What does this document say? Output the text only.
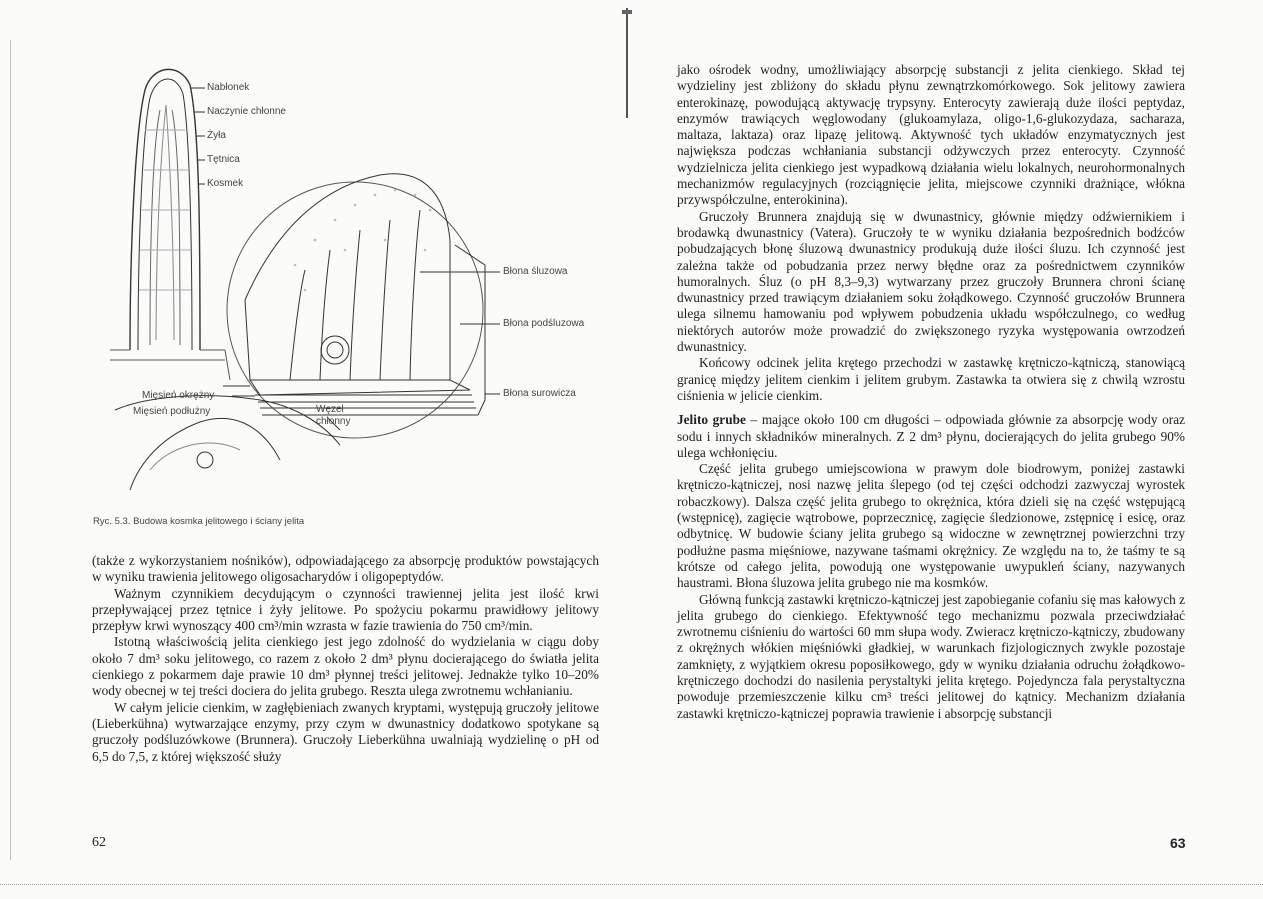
Nabłonek
Naczynie chłonne
Żyła
Tętnica
Kosmek
Błona śluzowa
Błona podśluzowa
Mięsień okrężny
Mięsień podłużny
Błona surowicza
Węzeł
chłonny
Ryc. 5.3. Budowa kosmka jelitowego i ściany jelita

(także z wykorzystaniem nośników), odpowiadającego za absorpcję produktów powstających w wyniku trawienia jelitowego oligosacharydów i oligopeptydów.

Ważnym czynnikiem decydującym o czynności trawiennej jelita jest ilość krwi przepływającej przez tętnice i żyły jelitowe. Po spożyciu pokarmu prawidłowy jelitowy przepływ krwi wynoszący 400 cm³/min wzrasta w fazie trawienia do 750 cm³/min.

Istotną właściwością jelita cienkiego jest jego zdolność do wydzielania w ciągu doby około 7 dm³ soku jelitowego, co razem z około 2 dm³ płynu docierającego do światła jelita cienkiego z pokarmem daje prawie 10 dm³ płynnej treści jelitowej. Jednakże tylko 10–20% wody obecnej w tej treści dociera do jelita grubego. Reszta ulega zwrotnemu wchłanianiu.

W całym jelicie cienkim, w zagłębieniach zwanych kryptami, występują gruczoły jelitowe (Lieberkühna) wytwarzające enzymy, przy czym w dwunastnicy dodatkowo spotykane są gruczoły podśluzówkowe (Brunnera). Gruczoły Lieberkühna uwalniają wydzielinę o pH od 6,5 do 7,5, z której większość służy

62

jako ośrodek wodny, umożliwiający absorpcję substancji z jelita cienkiego. Skład tej wydzieliny jest zbliżony do składu płynu zewnątrzkomórkowego. Sok jelitowy zawiera enterokinazę, powodującą aktywację trypsyny. Enterocyty zawierają duże ilości peptydaz, enzymów trawiących węglowodany (glukoamylaza, oligo-1,6-glukozydaza, sacharaza, maltaza, laktaza) oraz lipazę jelitową. Aktywność tych układów enzymatycznych jest największa podczas wchłaniania substancji odżywczych przez enterocyty. Czynność wydzielnicza jelita cienkiego jest wypadkową działania wielu lokalnych, neurohormonalnych mechanizmów regulacyjnych (rozciągnięcie jelita, miejscowe czynniki drażniące, włókna przywspółczulne, enterokinina).

Gruczoły Brunnera znajdują się w dwunastnicy, głównie między odźwiernikiem i brodawką dwunastnicy (Vatera). Gruczoły te w wyniku działania bezpośrednich bodźców pobudzających błonę śluzową dwunastnicy produkują duże ilości śluzu. Ich czynność jest zależna także od pobudzania przez nerwy błędne oraz za pośrednictwem czynników humoralnych. Śluz (o pH 8,3–9,3) wytwarzany przez gruczoły Brunnera chroni ścianę dwunastnicy przed trawiącym działaniem soku żołądkowego. Czynność gruczołów Brunnera ulega silnemu hamowaniu pod wpływem pobudzenia układu współczulnego, co według niektórych autorów może prowadzić do zwiększonego ryzyka występowania owrzodzeń dwunastnicy.

Końcowy odcinek jelita krętego przechodzi w zastawkę krętniczo-kątniczą, stanowiącą granicę między jelitem cienkim i jelitem grubym. Zastawka ta otwiera się z chwilą wzrostu ciśnienia w jelicie cienkim.

Jelito grube – mające około 100 cm długości – odpowiada głównie za absorpcję wody oraz sodu i innych składników mineralnych. Z 2 dm³ płynu, docierających do jelita grubego 90% ulega wchłonięciu.

Część jelita grubego umiejscowiona w prawym dole biodrowym, poniżej zastawki krętniczo-kątniczej, nosi nazwę jelita ślepego (od tej części odchodzi zazwyczaj wyrostek robaczkowy). Dalsza część jelita grubego to okrężnica, która dzieli się na część wstępującą (wstępnicę), zagięcie wątrobowe, poprzecznicę, zagięcie śledzionowe, zstępnicę i esicę, oraz odbytnicę. W budowie ściany jelita grubego są widoczne w zewnętrznej powierzchni trzy podłużne pasma mięśniowe, nazywane taśmami okrężnicy. Ze względu na to, że taśmy te są krótsze od całego jelita, powodują one występowanie uwypukleń ściany, nazywanych haustrami. Błona śluzowa jelita grubego nie ma kosmków.

Główną funkcją zastawki krętniczo-kątniczej jest zapobieganie cofaniu się mas kałowych z jelita grubego do cienkiego. Efektywność tego mechanizmu pozwala przeciwdziałać zwrotnemu ciśnieniu do wartości 60 mm słupa wody. Zwieracz krętniczo-kątniczy, zbudowany z okrężnych włókien mięśniówki gładkiej, w warunkach fizjologicznych zwykle pozostaje zamknięty, z wyjątkiem okresu poposiłkowego, gdy w wyniku działania odruchu żołądkowo-krętniczego dochodzi do nasilenia perystaltyki jelita krętego. Pojedyncza fala perystaltyczna powoduje przemieszczenie kilku cm³ treści jelitowej do kątnicy. Mechanizm działania zastawki krętniczo-kątniczej poprawia trawienie i absorpcję substancji

63
